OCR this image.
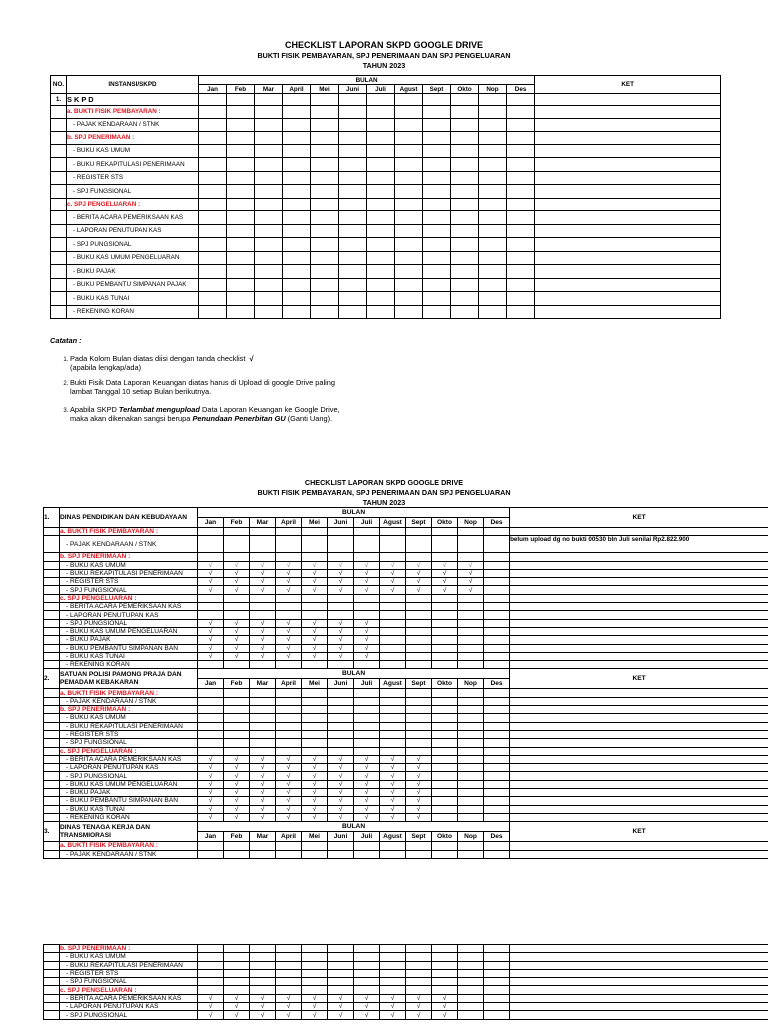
CHECKLIST LAPORAN SKPD GOOGLE DRIVE
BUKTI FISIK PEMBAYARAN, SPJ PENERIMAAN DAN SPJ PENGELUARAN
TAHUN 2023
NO.	INSTANSI/SKPD	BULAN												KET
		Jan	Feb	Mar	April	Mei	Juni	Juli	Agust	Sept	Okto	Nop	Des	
1.	S K P D													
	a. BUKTI FISIK PEMBAYARAN :													
	- PAJAK KENDARAAN / STNK													
	b. SPJ PENERIMAAN :													
	- BUKU KAS UMUM													
	- BUKU REKAPITULASI PENERIMAAN													
	- REGISTER STS													
	- SPJ FUNGSIONAL													
	c. SPJ PENGELUARAN :													
	- BERITA ACARA PEMERIKSAAN KAS													
	- LAPORAN PENUTUPAN KAS													
	- SPJ PUNGSIONAL													
	- BUKU KAS UMUM PENGELUARAN													
	- BUKU PAJAK													
	- BUKU PEMBANTU SIMPANAN PAJAK													
	- BUKU KAS TUNAI													
	- REKENING KORAN													
Catatan :
1. Pada Kolom Bulan diatas diisi dengan tanda checklist √
(apabila lengkap/ada)
2. Bukti Fisik Data Laporan Keuangan diatas harus di Upload di google Drive paling lambat Tanggal 10 setiap Bulan berikutnya.
3. Apabila SKPD Terlambat mengupload Data Laporan Keuangan ke Google Drive, maka akan dikenakan sangsi berupa Penundaan Penerbitan GU (Ganti Uang).
CHECKLIST LAPORAN SKPD GOOGLE DRIVE
BUKTI FISIK PEMBAYARAN, SPJ PENERIMAAN DAN SPJ PENGELUARAN
TAHUN 2023
1.	DINAS PENDIDIKAN DAN KEBUDAYAAN	BULAN												KET
		Jan	Feb	Mar	April	Mei	Juni	Juli	Agust	Sept	Okto	Nop	Des	
	a. BUKTI FISIK PEMBAYARAN :													
	- PAJAK KENDARAAN / STNK													belum upload dg no bukti 00530 bln Juli senilai Rp2.822.900
	b. SPJ PENERIMAAN :													
	- BUKU KAS UMUM	√	√	√	√	√	√	√	√	√	√	√		
	- BUKU REKAPITULASI PENERIMAAN	√	√	√	√	√	√	√	√	√	√	√		
	- REGISTER STS	√	√	√	√	√	√	√	√	√	√	√		
	- SPJ FUNGSIONAL	√	√	√	√	√	√	√	√	√	√	√		
	c. SPJ PENGELUARAN :													
	- BERITA ACARA PEMERIKSAAN KAS													
	- LAPORAN PENUTUPAN KAS													
	- SPJ PUNGSIONAL	√	√	√	√	√	√	√						
	- BUKU KAS UMUM PENGELUARAN	√	√	√	√	√	√	√						
	- BUKU PAJAK	√	√	√	√	√	√	√						
	- BUKU PEMBANTU SIMPANAN BAN	√	√	√	√	√	√	√						
	- BUKU KAS TUNAI	√	√	√	√	√	√	√						
	- REKENING KORAN													
2.	SATUAN POLISI PAMONG PRAJA DAN PEMADAM KEBAKARAN	BULAN												KET
		Jan	Feb	Mar	April	Mei	Juni	Juli	Agust	Sept	Okto	Nop	Des	
	a. BUKTI FISIK PEMBAYARAN :													
	- PAJAK KENDARAAN / STNK													
	b. SPJ PENERIMAAN :													
	- BUKU KAS UMUM													
	- BUKU REKAPITULASI PENERIMAAN													
	- REGISTER STS													
	- SPJ FUNGSIONAL													
	c. SPJ PENGELUARAN :													
	- BERITA ACARA PEMERIKSAAN KAS	√	√	√	√	√	√	√	√	√				
	- LAPORAN PENUTUPAN KAS	√	√	√	√	√	√	√	√	√				
	- SPJ PUNGSIONAL	√	√	√	√	√	√	√	√	√				
	- BUKU KAS UMUM PENGELUARAN	√	√	√	√	√	√	√	√	√				
	- BUKU PAJAK	√	√	√	√	√	√	√	√	√				
	- BUKU PEMBANTU SIMPANAN BAN	√	√	√	√	√	√	√	√	√				
	- BUKU KAS TUNAI	√	√	√	√	√	√	√	√	√				
	- REKENING KORAN	√	√	√	√	√	√	√	√	√				
3.	DINAS TENAGA KERJA DAN TRANSMIORASI	BULAN												KET
		Jan	Feb	Mar	April	Mei	Juni	Juli	Agust	Sept	Okto	Nop	Des	
	a. BUKTI FISIK PEMBAYARAN :													
	- PAJAK KENDARAAN / STNK													
	b. SPJ PENERIMAAN :													
	- BUKU KAS UMUM													
	- BUKU REKAPITULASI PENERIMAAN													
	- REGISTER STS													
	- SPJ FUNGSIONAL													
	c. SPJ PENGELUARAN :													
	- BERITA ACARA PEMERIKSAAN KAS	√	√	√	√	√	√	√	√	√	√			
	- LAPORAN PENUTUPAN KAS	√	√	√	√	√	√	√	√	√	√			
	- SPJ PUNGSIONAL	√	√	√	√	√	√	√	√	√	√			
